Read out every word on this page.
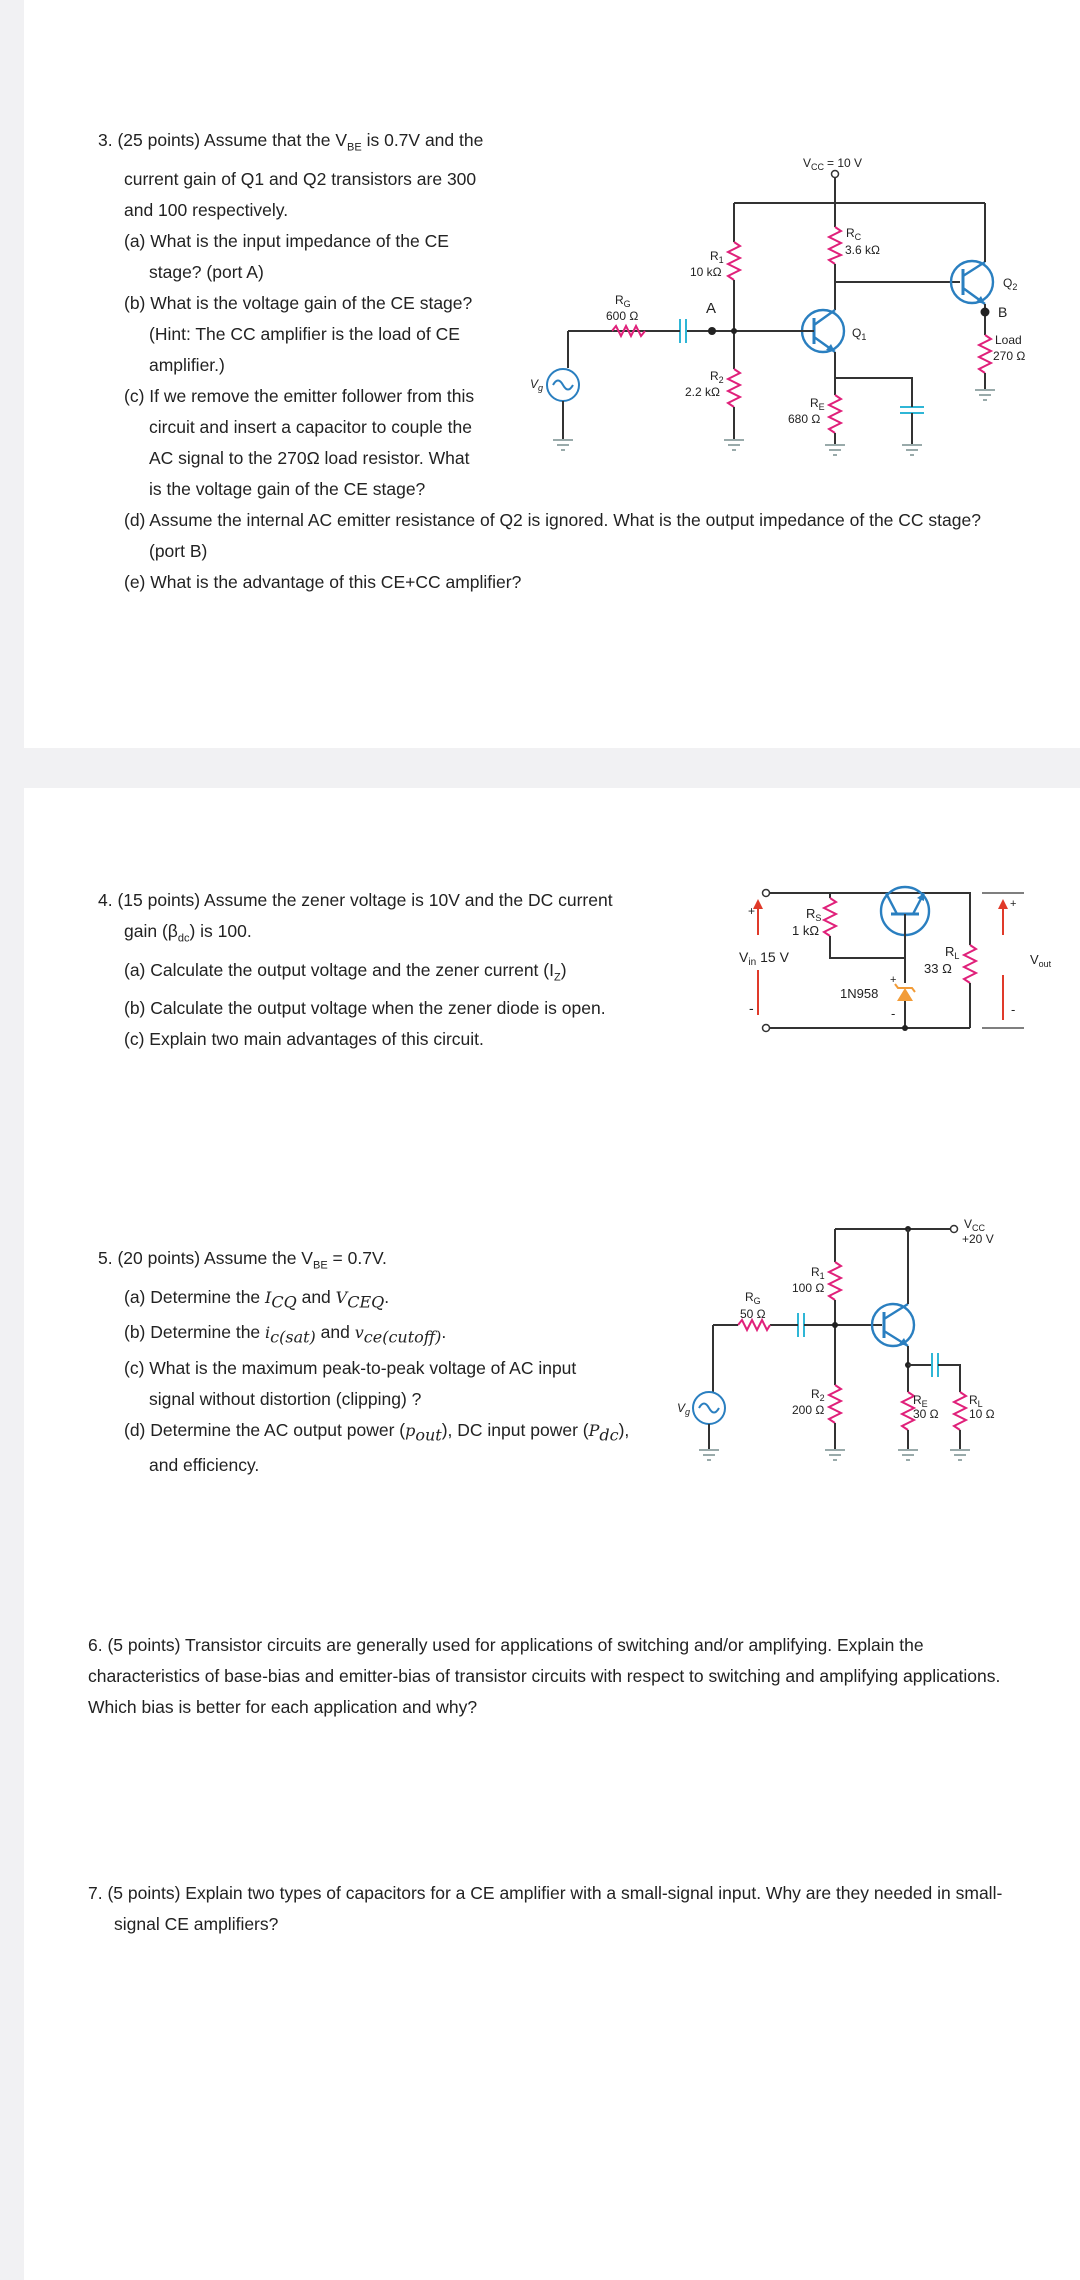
3. (25 points) Assume that the $V_{BE}$ is 0.7V and the

current gain of Q1 and Q2 transistors are 300

and 100 respectively.

(a) What is the input impedance of the CE

stage? (port A)

(b) What is the voltage gain of the CE stage?

(Hint: The CC amplifier is the load of CE

amplifier.)

(c) If we remove the emitter follower from this

circuit and insert a capacitor to couple the

AC signal to the 270Ω load resistor. What

is the voltage gain of the CE stage?

(d) Assume the internal AC emitter resistance of Q2 is ignored. What is the output impedance of the CC stage?

(port B)

(e) What is the advantage of this CE+CC amplifier?

$V_{CC} = 10$ V
$R_1$
10 kΩ
$R_C$
3.6 kΩ
$Q_1$
A
$R_G$
600 Ω
$V_g$
$R_2$
2.2 kΩ
$R_E$
680 Ω
$Q_2$
B
Load
270 Ω

4. (15 points) Assume the zener voltage is 10V and the DC current

gain $(\beta_{dc})$ is 100.

(a) Calculate the output voltage and the zener current $(I_Z)$

(b) Calculate the output voltage when the zener diode is open.

(c) Explain two main advantages of this circuit.

+
-
$V_{in}$ 15 V
$R_S$
1 kΩ
$R_L$
33 Ω
1N958
+
-
+
-
$V_{out}$

5. (20 points) Assume the $V_{BE} = 0.7V$.

(a) Determine the $I_{CQ}$ and $V_{CEQ}$.

(b) Determine the $i_{c(sat)}$ and $v_{ce(cutoff)}$.

(c) What is the maximum peak-to-peak voltage of AC input

signal without distortion (clipping) ?

(d) Determine the AC output power $(p_{out})$, DC input power $(P_{dc})$,

and efficiency.

$V_{CC}$
+20 V
$R_1$
100 Ω
$R_G$
50 Ω
$V_g$
$R_2$
200 Ω
$R_E$
30 Ω
$R_L$
10 Ω

6. (5 points) Transistor circuits are generally used for applications of switching and/or amplifying. Explain the

characteristics of base-bias and emitter-bias of transistor circuits with respect to switching and amplifying applications.

Which bias is better for each application and why?

7. (5 points) Explain two types of capacitors for a CE amplifier with a small-signal input. Why are they needed in small-

signal CE amplifiers?
